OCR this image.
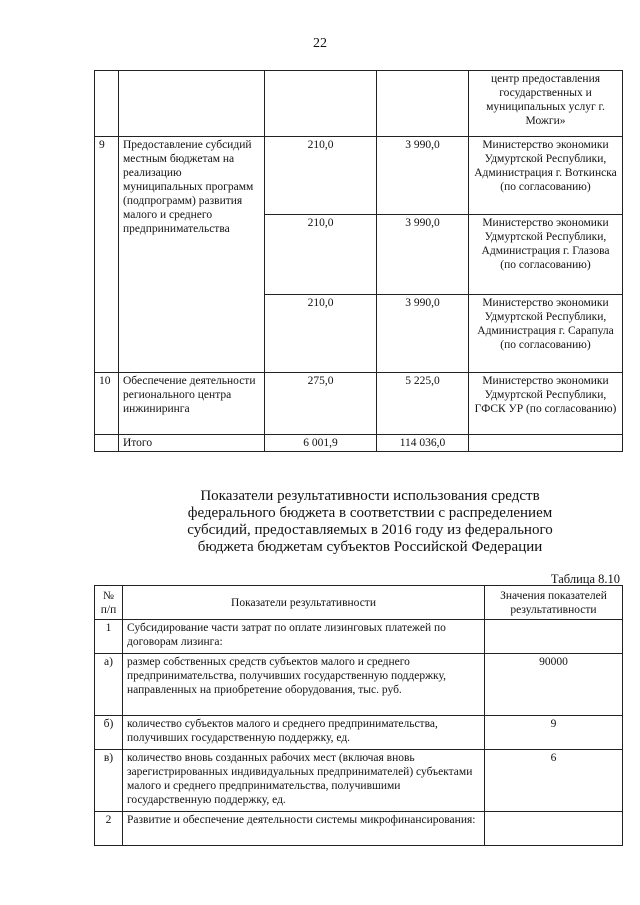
22
				центр предоставления государственных и муниципальных услуг г. Можги»
9	Предоставление субсидий местным бюджетам на реализацию муниципальных программ (подпрограмм) развития малого и среднего предпринимательства	210,0	3 990,0	Министерство экономики Удмуртской Республики, Администрация г. Воткинска (по согласованию)
		210,0	3 990,0	Министерство экономики Удмуртской Республики, Администрация г. Глазова (по согласованию)
		210,0	3 990,0	Министерство экономики Удмуртской Республики, Администрация г. Сарапула (по согласованию)
10	Обеспечение деятельности регионального центра инжиниринга	275,0	5 225,0	Министерство экономики Удмуртской Республики, ГФСК УР (по согласованию)
	Итого	6 001,9	114 036,0	
Показатели результативности использования средств
федерального бюджета в соответствии с распределением
субсидий, предоставляемых в 2016 году из федерального
бюджета бюджетам субъектов Российской Федерации
Таблица 8.10
№ п/п	Показатели результативности	Значения показателей результативности
1	Субсидирование части затрат по оплате лизинговых платежей по договорам лизинга:	
а)	размер собственных средств субъектов малого и среднего предпринимательства, получивших государственную поддержку, направленных на приобретение оборудования, тыс. руб.	90000
б)	количество субъектов малого и среднего предпринимательства, получивших государственную поддержку, ед.	9
в)	количество вновь созданных рабочих мест (включая вновь зарегистрированных индивидуальных предпринимателей) субъектами малого и среднего предпринимательства, получившими государственную поддержку, ед.	6
2	Развитие и обеспечение деятельности системы микрофинансирования:	
